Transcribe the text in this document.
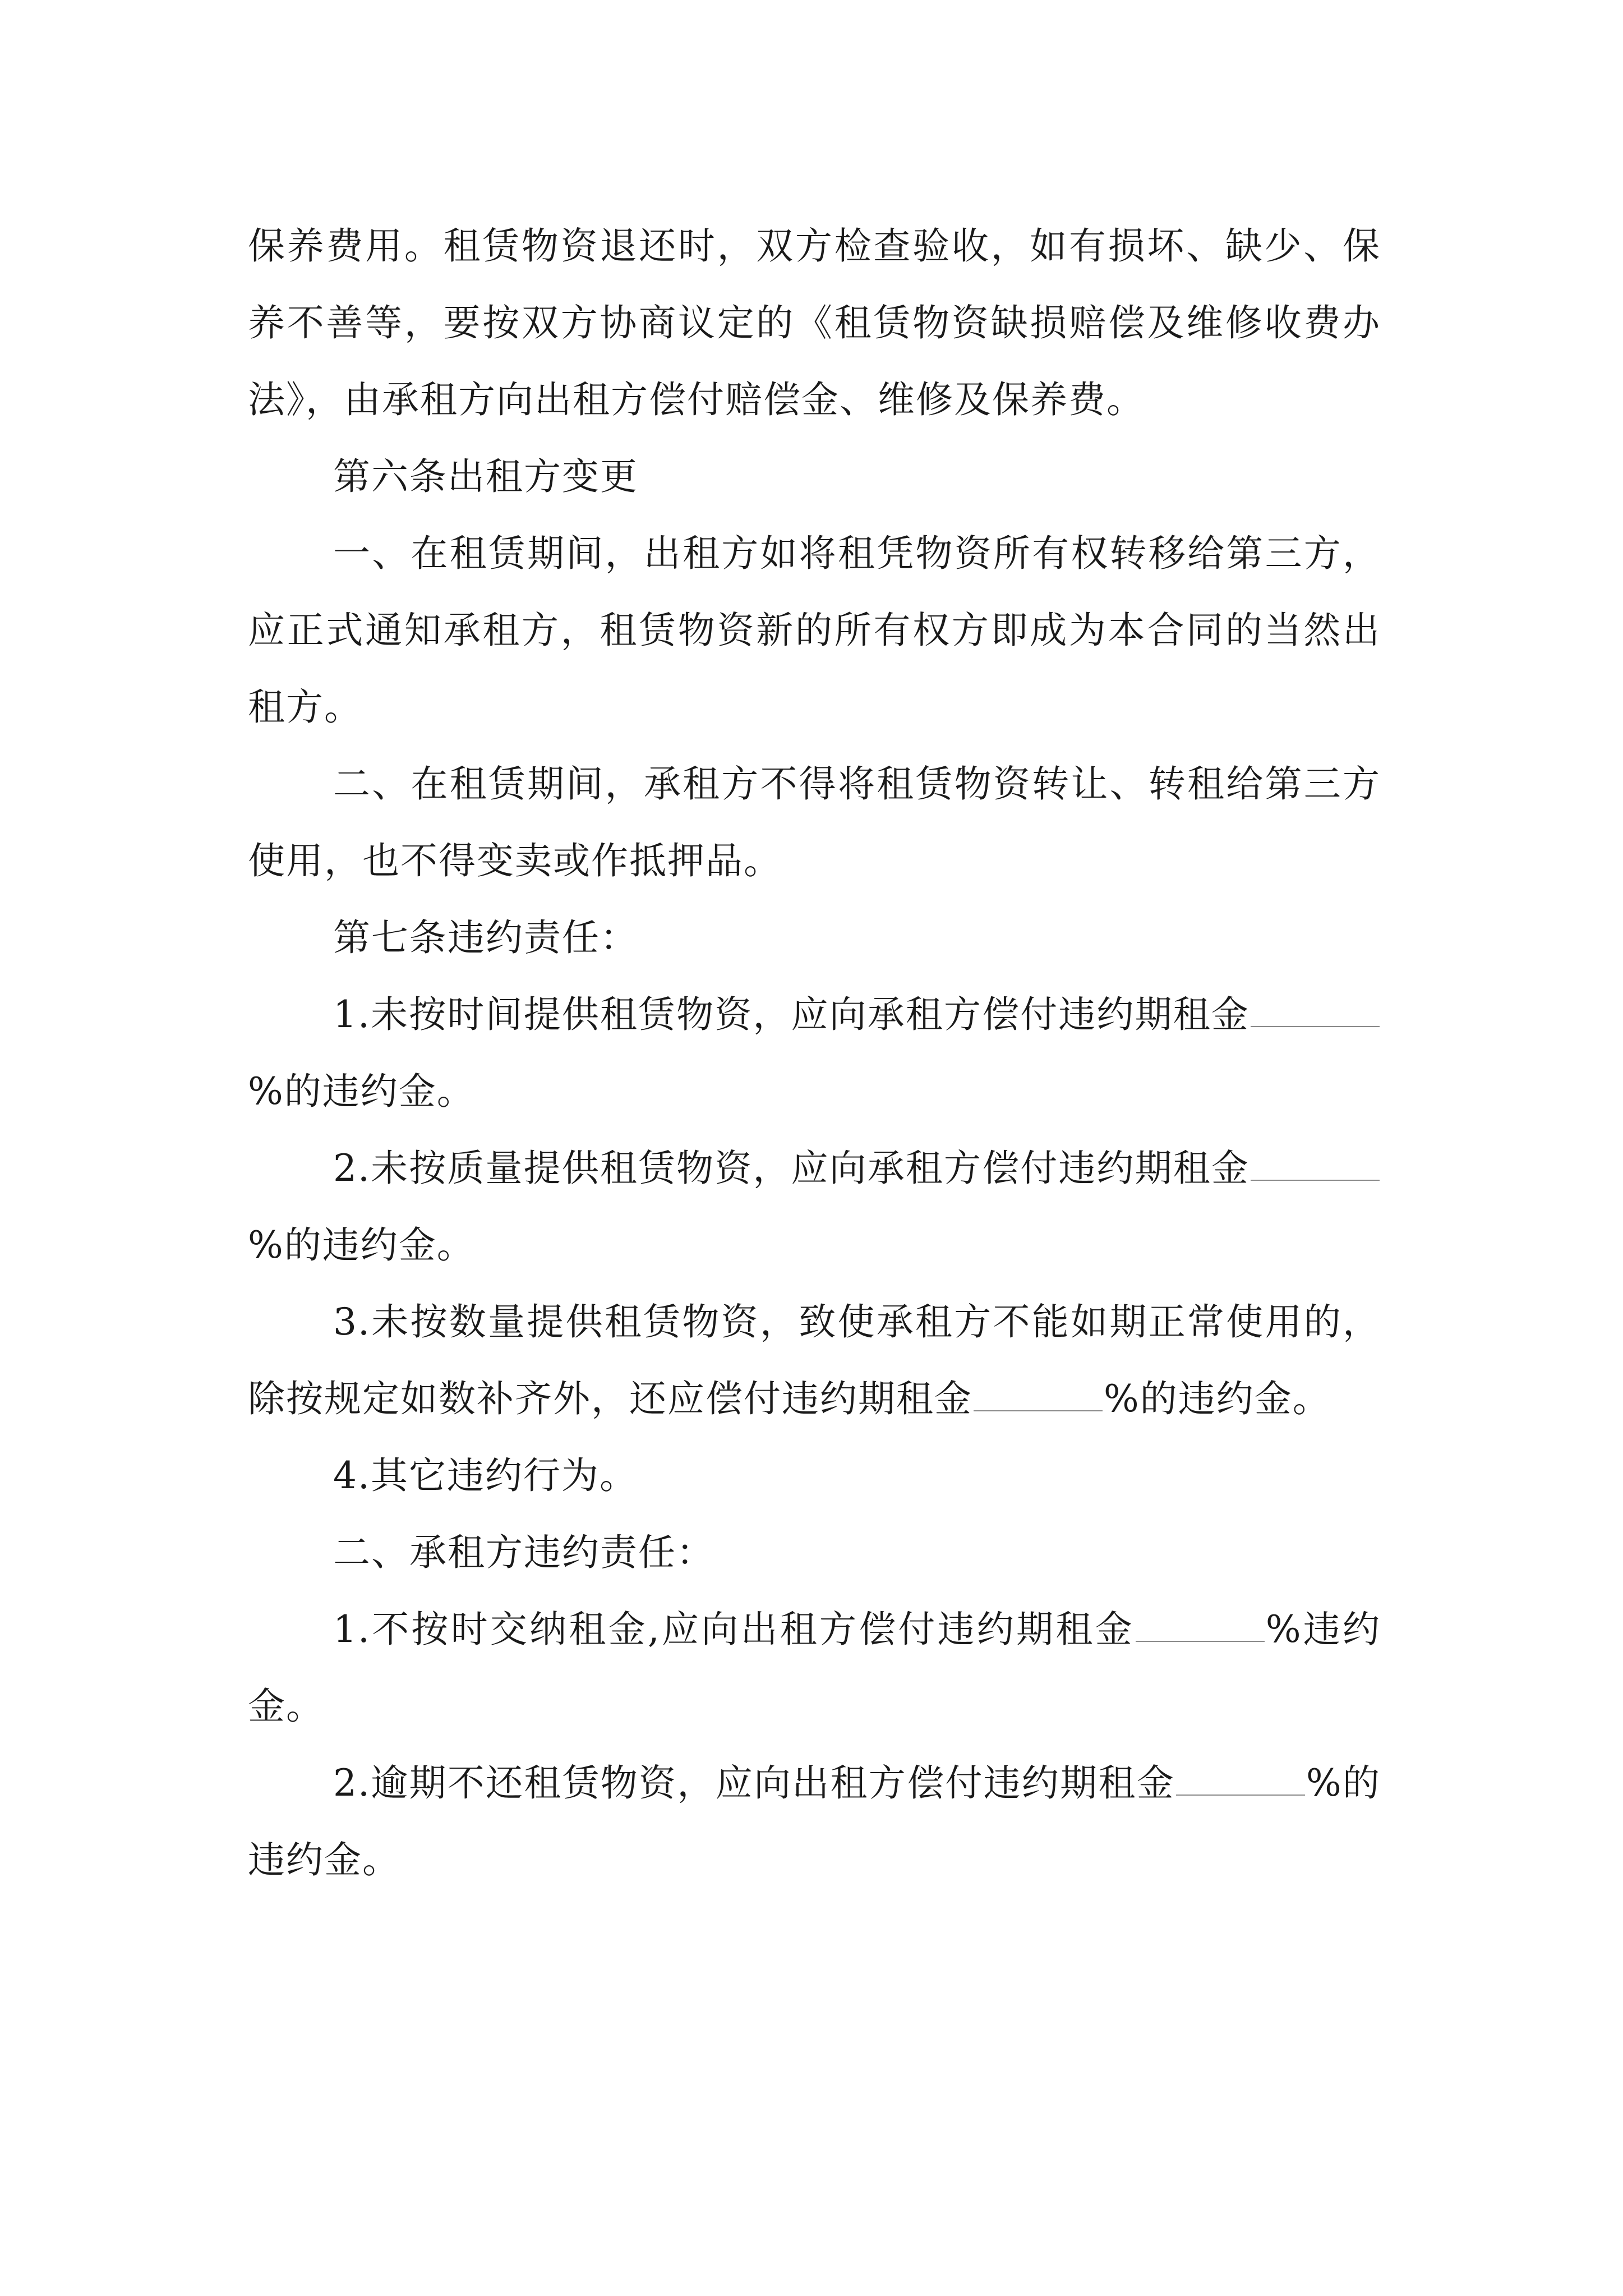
保养费用。租赁物资退还时，双方检查验收，如有损坏、缺少、保养不善等，要按双方协商议定的《租赁物资缺损赔偿及维修收费办法》，由承租方向出租方偿付赔偿金、维修及保养费。

第六条出租方变更

一、在租赁期间，出租方如将租凭物资所有权转移给第三方，应正式通知承租方，租赁物资新的所有权方即成为本合同的当然出租方。

二、在租赁期间，承租方不得将租赁物资转让、转租给第三方使用，也不得变卖或作抵押品。

第七条违约责任：

1.未按时间提供租赁物资，应向承租方偿付违约期租金%的违约金。

2.未按质量提供租赁物资，应向承租方偿付违约期租金%的违约金。

3.未按数量提供租赁物资，致使承租方不能如期正常使用的，除按规定如数补齐外，还应偿付违约期租金	%的违约金。

4.其它违约行为。

二、承租方违约责任：

1.不按时交纳租金,应向出租方偿付违约期租金	%违约金。

2.逾期不还租赁物资，应向出租方偿付违约期租金	%的违约金。
